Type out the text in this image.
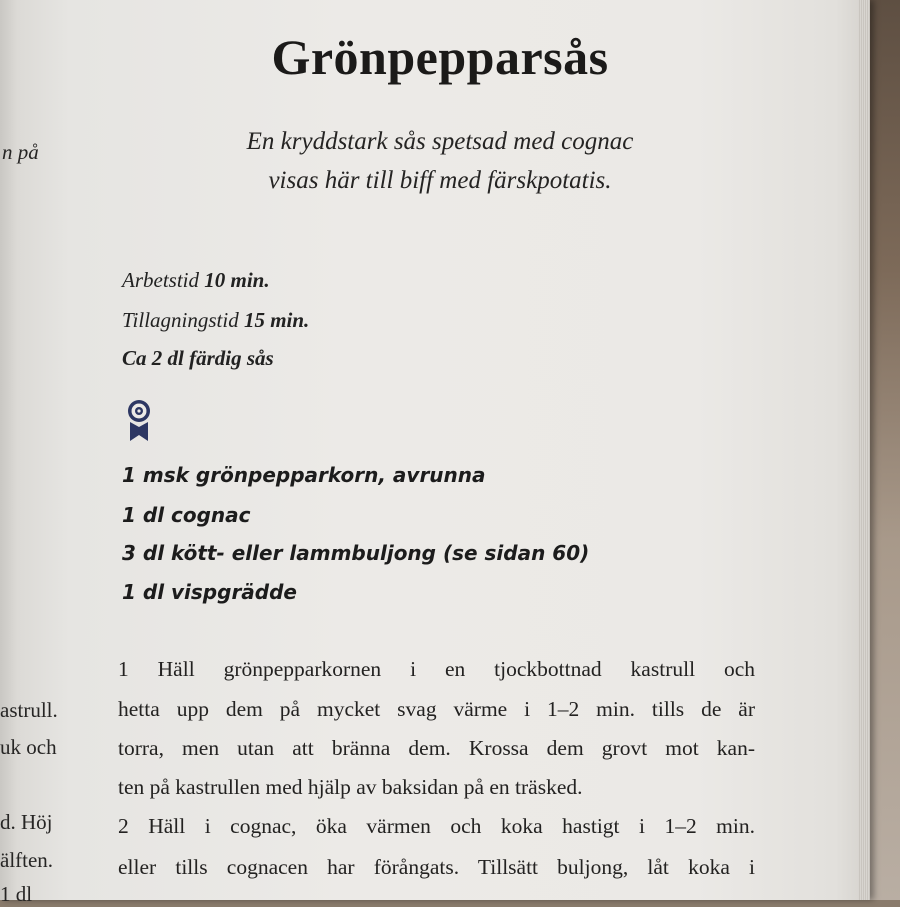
n på
astrull.
uk och
d. Höj
älften.
1 dl
Grönpepparsås
En kryddstark sås spetsad med cognac
visas här till biff med färskpotatis.
Arbetstid 10 min.
Tillagningstid 15 min.
Ca 2 dl färdig sås
1 msk grönpepparkorn, avrunna
1 dl cognac
3 dl kött- eller lammbuljong (se sidan 60)
1 dl vispgrädde
1 Häll grönpepparkornen i en tjockbottnad kastrull och
hetta upp dem på mycket svag värme i 1–2 min. tills de är
torra, men utan att bränna dem. Krossa dem grovt mot kan-
ten på kastrullen med hjälp av baksidan på en träsked.
2 Häll i cognac, öka värmen och koka hastigt i 1–2 min.
eller tills cognacen har förångats. Tillsätt buljong, låt koka i
